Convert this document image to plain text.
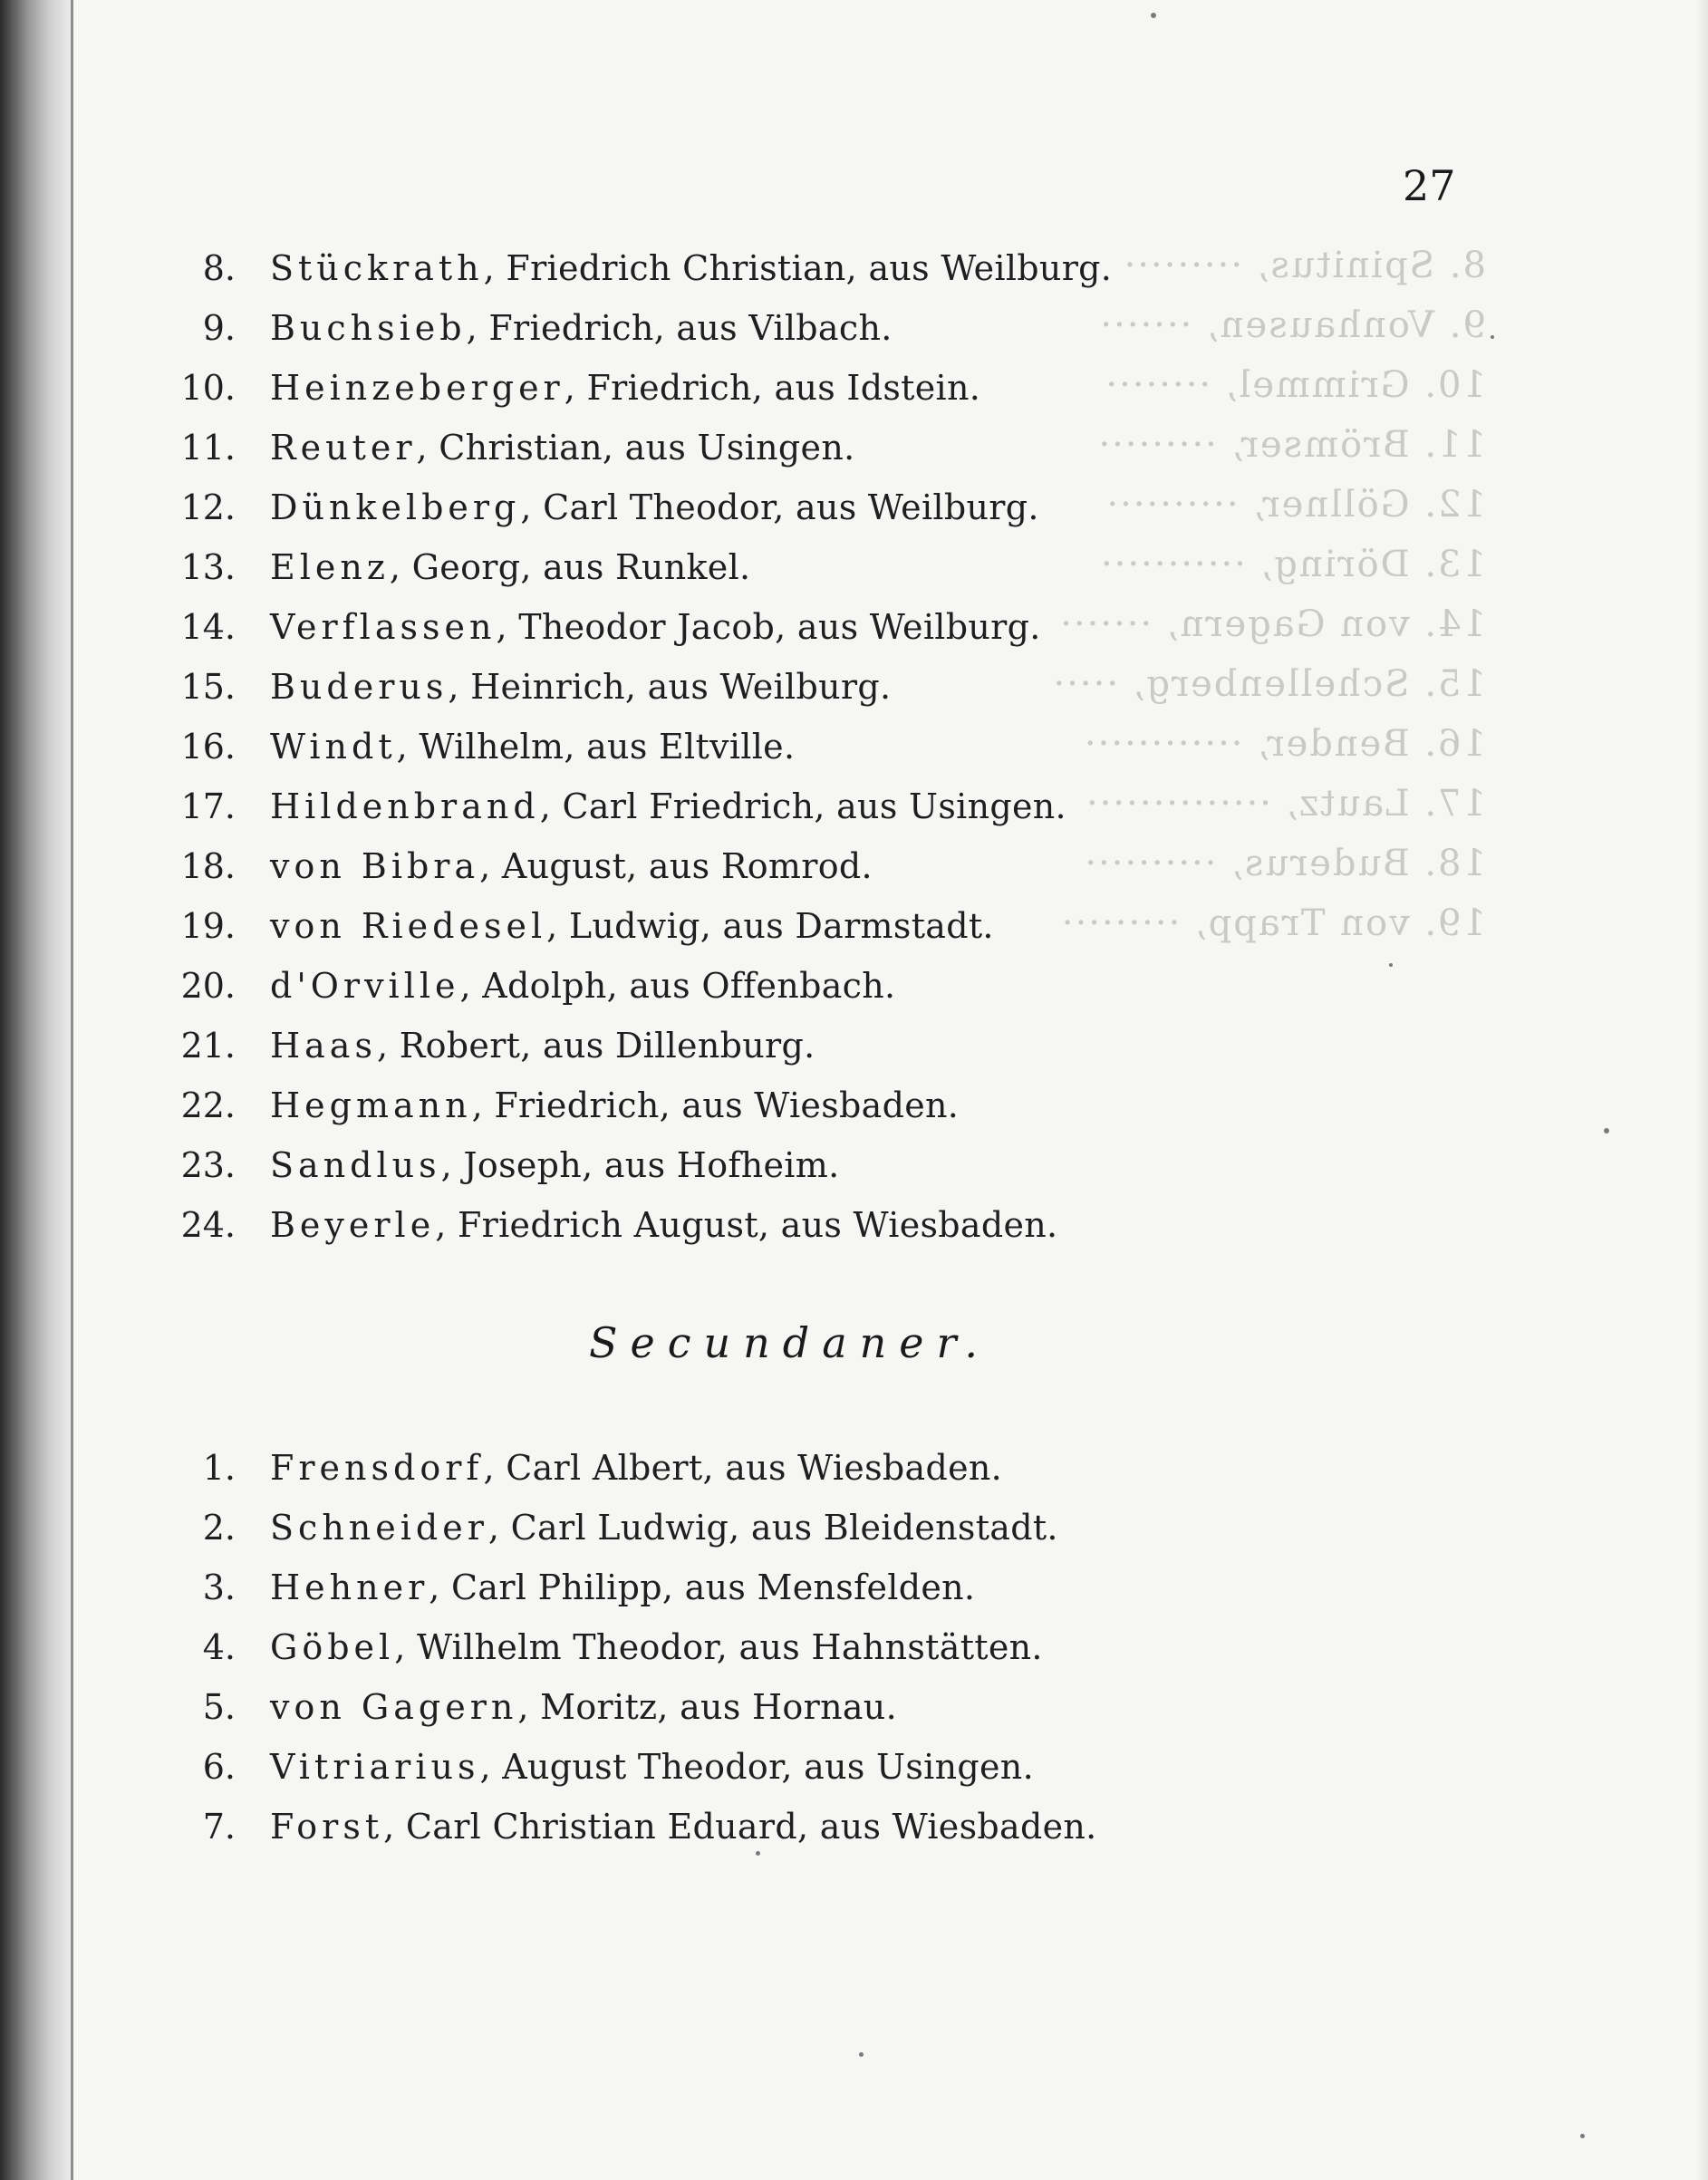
8. Spinitus, ·········
9. Vonhausen, ·······
10. Grimmel, ········
11. Brömser, ·········
12. Göllner, ··········
13. Döring, ···········
14. von Gagern, ·······
15. Schellenberg, ·····
16. Bender, ············
17. Lautz, ··············
18. Buderus, ··········
19. von Trapp, ·········
27
8. Stückrath, Friedrich Christian, aus Weilburg.
9. Buchsieb, Friedrich, aus Vilbach.
10. Heinzeberger, Friedrich, aus Idstein.
11. Reuter, Christian, aus Usingen.
12. Dünkelberg, Carl Theodor, aus Weilburg.
13. Elenz, Georg, aus Runkel.
14. Verflassen, Theodor Jacob, aus Weilburg.
15. Buderus, Heinrich, aus Weilburg.
16. Windt, Wilhelm, aus Eltville.
17. Hildenbrand, Carl Friedrich, aus Usingen.
18. von Bibra, August, aus Romrod.
19. von Riedesel, Ludwig, aus Darmstadt.
20. d'Orville, Adolph, aus Offenbach.
21. Haas, Robert, aus Dillenburg.
22. Hegmann, Friedrich, aus Wiesbaden.
23. Sandlus, Joseph, aus Hofheim.
24. Beyerle, Friedrich August, aus Wiesbaden.
Secundaner.
1. Frensdorf, Carl Albert, aus Wiesbaden.
2. Schneider, Carl Ludwig, aus Bleidenstadt.
3. Hehner, Carl Philipp, aus Mensfelden.
4. Göbel, Wilhelm Theodor, aus Hahnstätten.
5. von Gagern, Moritz, aus Hornau.
6. Vitriarius, August Theodor, aus Usingen.
7. Forst, Carl Christian Eduard, aus Wiesbaden.
